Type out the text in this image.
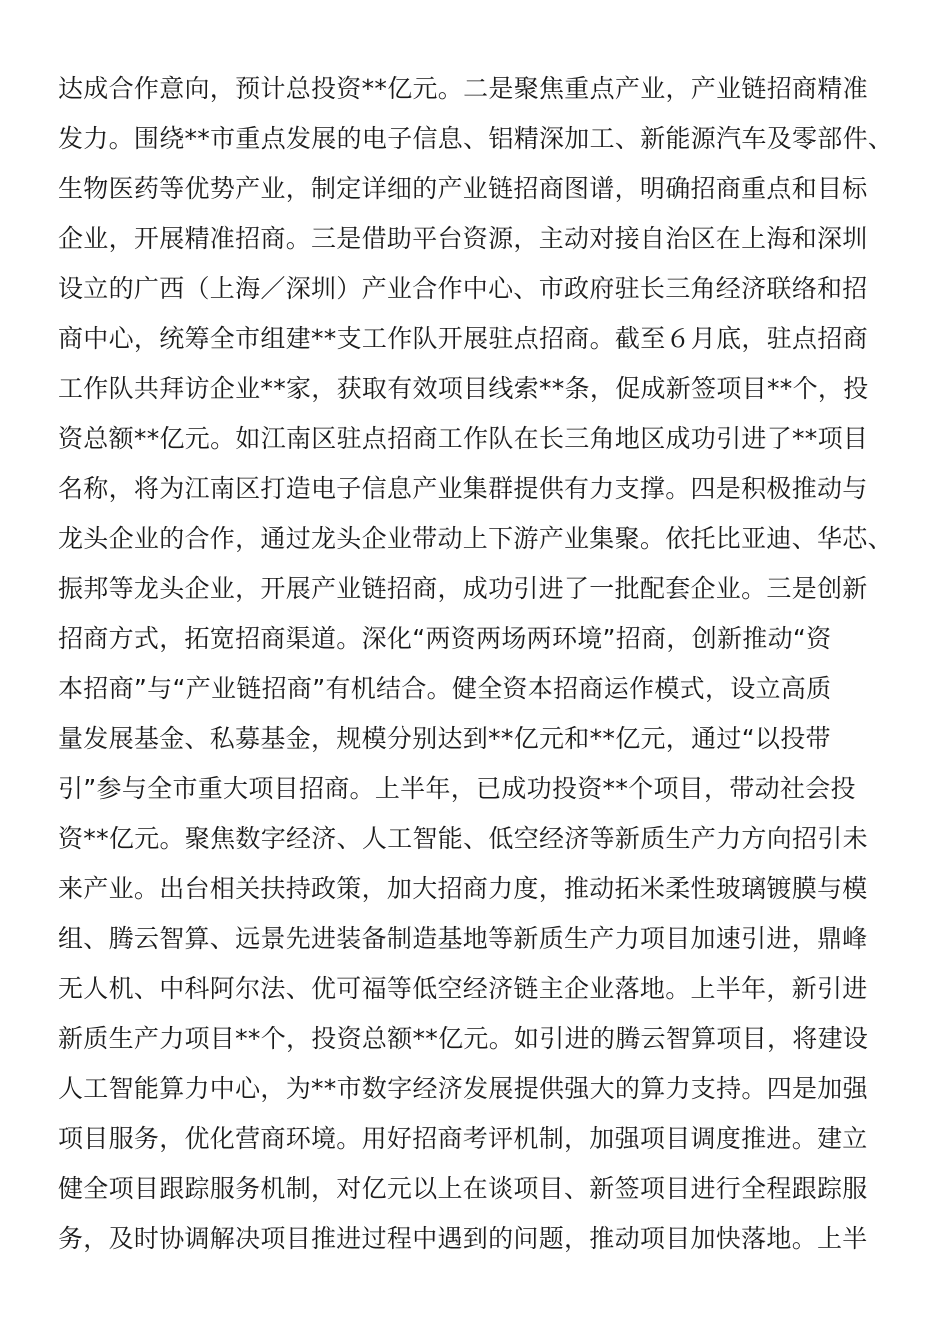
达成合作意向，预计总投资**亿元。二是聚焦重点产业，产业链招商精准
发力。围绕**市重点发展的电子信息、铝精深加工、新能源汽车及零部件、
生物医药等优势产业，制定详细的产业链招商图谱，明确招商重点和目标
企业，开展精准招商。三是借助平台资源，主动对接自治区在上海和深圳
设立的广西（上海／深圳）产业合作中心、市政府驻长三角经济联络和招
商中心，统筹全市组建**支工作队开展驻点招商。截至６月底，驻点招商
工作队共拜访企业**家，获取有效项目线索**条，促成新签项目**个，投
资总额**亿元。如江南区驻点招商工作队在长三角地区成功引进了**项目
名称，将为江南区打造电子信息产业集群提供有力支撑。四是积极推动与
龙头企业的合作，通过龙头企业带动上下游产业集聚。依托比亚迪、华芯、
振邦等龙头企业，开展产业链招商，成功引进了一批配套企业。三是创新
招商方式，拓宽招商渠道。深化“两资两场两环境”招商，创新推动“资
本招商”与“产业链招商”有机结合。健全资本招商运作模式，设立高质
量发展基金、私募基金，规模分别达到**亿元和**亿元，通过“以投带
引”参与全市重大项目招商。上半年，已成功投资**个项目，带动社会投
资**亿元。聚焦数字经济、人工智能、低空经济等新质生产力方向招引未
来产业。出台相关扶持政策，加大招商力度，推动拓米柔性玻璃镀膜与模
组、腾云智算、远景先进装备制造基地等新质生产力项目加速引进，鼎峰
无人机、中科阿尔法、优可福等低空经济链主企业落地。上半年，新引进
新质生产力项目**个，投资总额**亿元。如引进的腾云智算项目，将建设
人工智能算力中心，为**市数字经济发展提供强大的算力支持。四是加强
项目服务，优化营商环境。用好招商考评机制，加强项目调度推进。建立
健全项目跟踪服务机制，对亿元以上在谈项目、新签项目进行全程跟踪服
务，及时协调解决项目推进过程中遇到的问题，推动项目加快落地。上半
